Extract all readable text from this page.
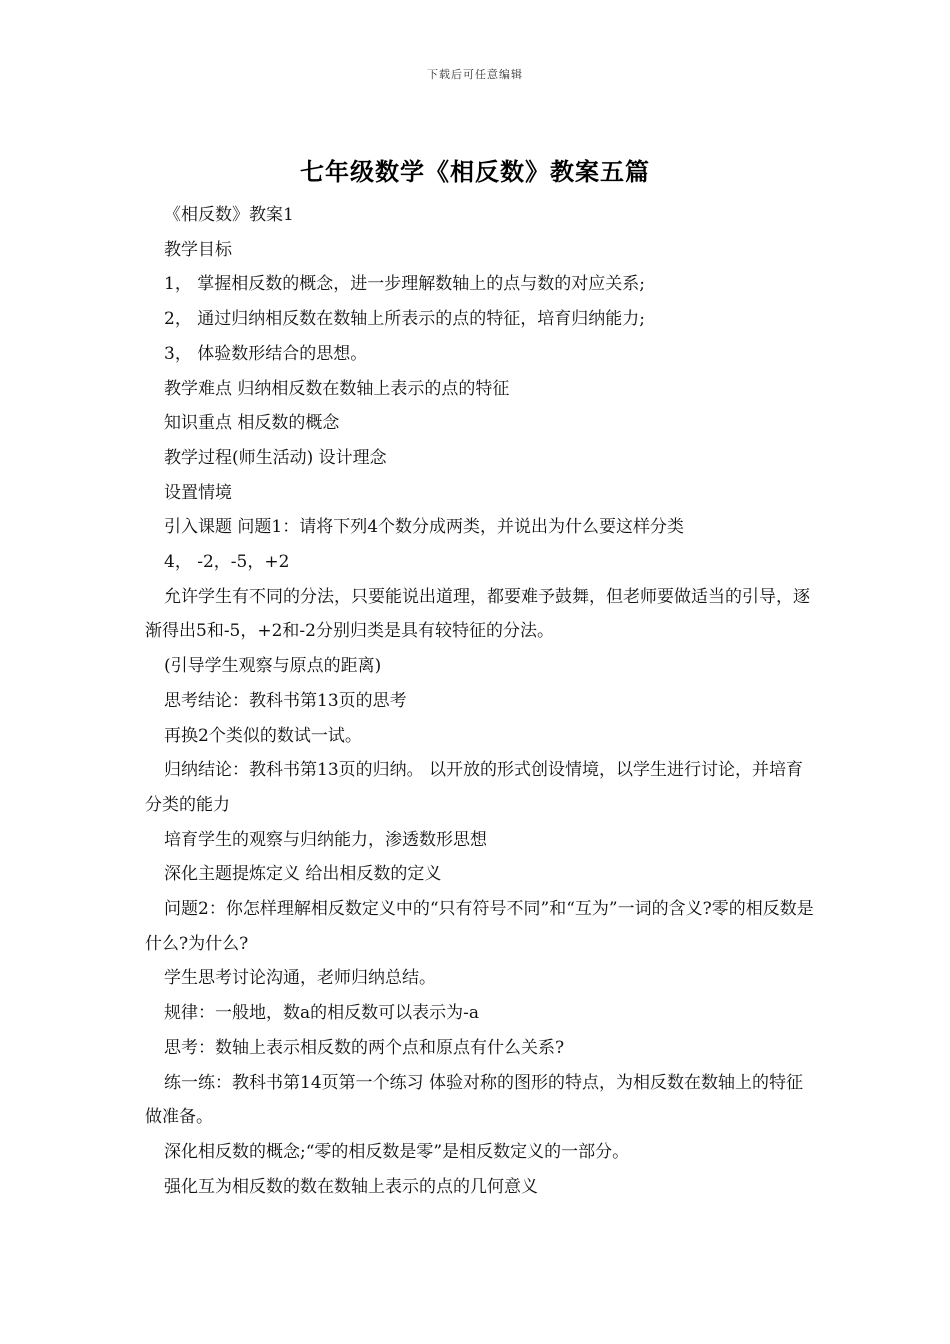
下载后可任意编辑
七年级数学《相反数》教案五篇

《相反数》教案1

教学目标

1， 掌握相反数的概念，进一步理解数轴上的点与数的对应关系;

2， 通过归纳相反数在数轴上所表示的点的特征，培育归纳能力;

3， 体验数形结合的思想。

教学难点 归纳相反数在数轴上表示的点的特征

知识重点 相反数的概念

教学过程(师生活动) 设计理念

设置情境

引入课题 问题1：请将下列4个数分成两类，并说出为什么要这样分类

4， -2，-5，+2

允许学生有不同的分法，只要能说出道理，都要难予鼓舞，但老师要做适当的引导，逐渐得出5和-5，+2和-2分别归类是具有较特征的分法。

(引导学生观察与原点的距离)

思考结论：教科书第13页的思考

再换2个类似的数试一试。

归纳结论：教科书第13页的归纳。 以开放的形式创设情境，以学生进行讨论，并培育分类的能力

培育学生的观察与归纳能力，渗透数形思想

深化主题提炼定义 给出相反数的定义

问题2：你怎样理解相反数定义中的“只有符号不同”和“互为”一词的含义?零的相反数是什么?为什么?

学生思考讨论沟通，老师归纳总结。

规律：一般地，数a的相反数可以表示为-a

思考：数轴上表示相反数的两个点和原点有什么关系?

练一练：教科书第14页第一个练习 体验对称的图形的特点，为相反数在数轴上的特征做准备。

深化相反数的概念;“零的相反数是零”是相反数定义的一部分。

强化互为相反数的数在数轴上表示的点的几何意义
